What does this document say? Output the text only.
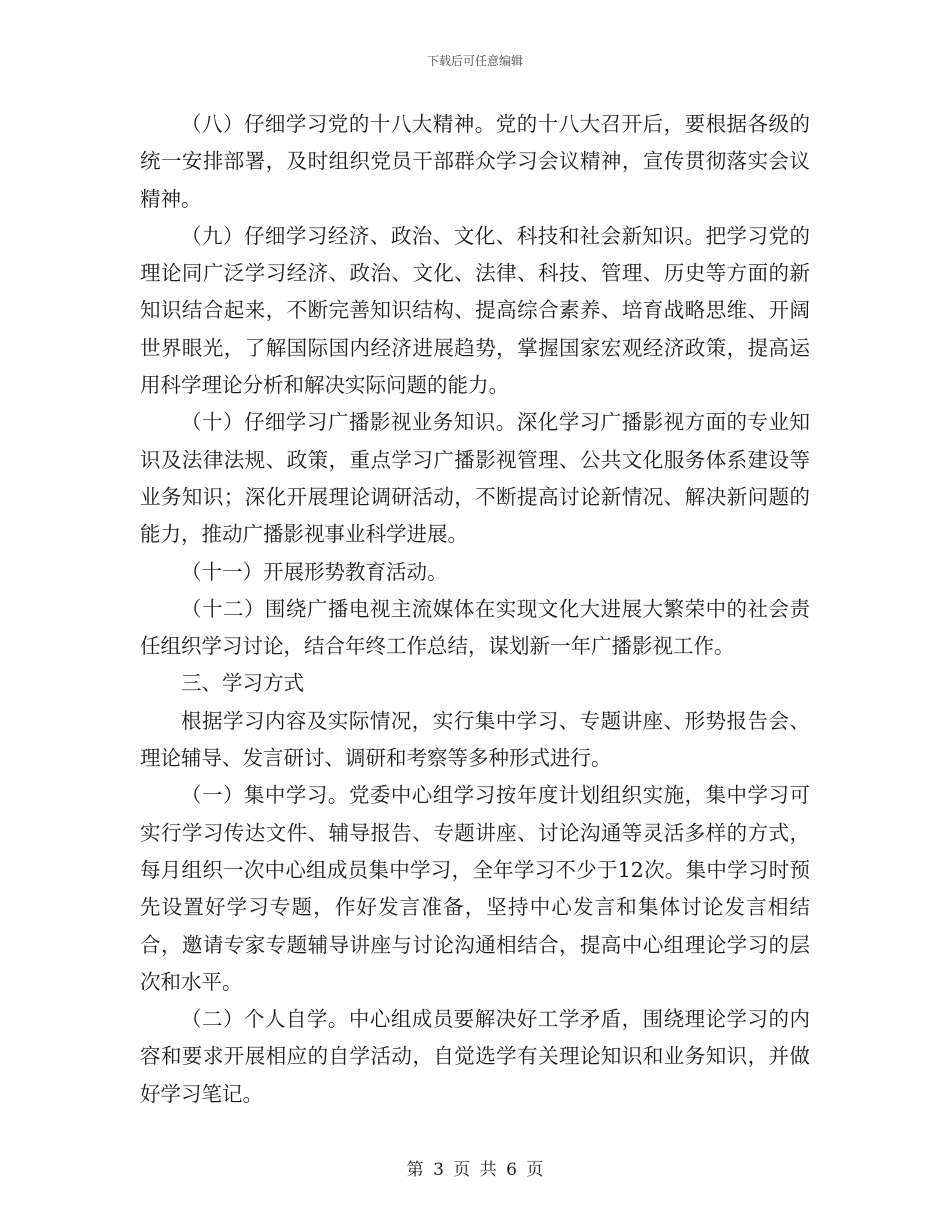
下载后可任意编辑

（八）仔细学习党的十八大精神。党的十八大召开后，要根据各级的统一安排部署，及时组织党员干部群众学习会议精神，宣传贯彻落实会议精神。

（九）仔细学习经济、政治、文化、科技和社会新知识。把学习党的理论同广泛学习经济、政治、文化、法律、科技、管理、历史等方面的新知识结合起来，不断完善知识结构、提高综合素养、培育战略思维、开阔世界眼光，了解国际国内经济进展趋势，掌握国家宏观经济政策，提高运用科学理论分析和解决实际问题的能力。

（十）仔细学习广播影视业务知识。深化学习广播影视方面的专业知识及法律法规、政策，重点学习广播影视管理、公共文化服务体系建设等业务知识；深化开展理论调研活动，不断提高讨论新情况、解决新问题的能力，推动广播影视事业科学进展。

（十一）开展形势教育活动。

（十二）围绕广播电视主流媒体在实现文化大进展大繁荣中的社会责任组织学习讨论，结合年终工作总结，谋划新一年广播影视工作。

三、学习方式

根据学习内容及实际情况，实行集中学习、专题讲座、形势报告会、理论辅导、发言研讨、调研和考察等多种形式进行。

（一）集中学习。党委中心组学习按年度计划组织实施，集中学习可实行学习传达文件、辅导报告、专题讲座、讨论沟通等灵活多样的方式，每月组织一次中心组成员集中学习，全年学习不少于12次。集中学习时预先设置好学习专题，作好发言准备，坚持中心发言和集体讨论发言相结合，邀请专家专题辅导讲座与讨论沟通相结合，提高中心组理论学习的层次和水平。

（二）个人自学。中心组成员要解决好工学矛盾，围绕理论学习的内容和要求开展相应的自学活动，自觉选学有关理论知识和业务知识，并做好学习笔记。

第 3 页 共 6 页
